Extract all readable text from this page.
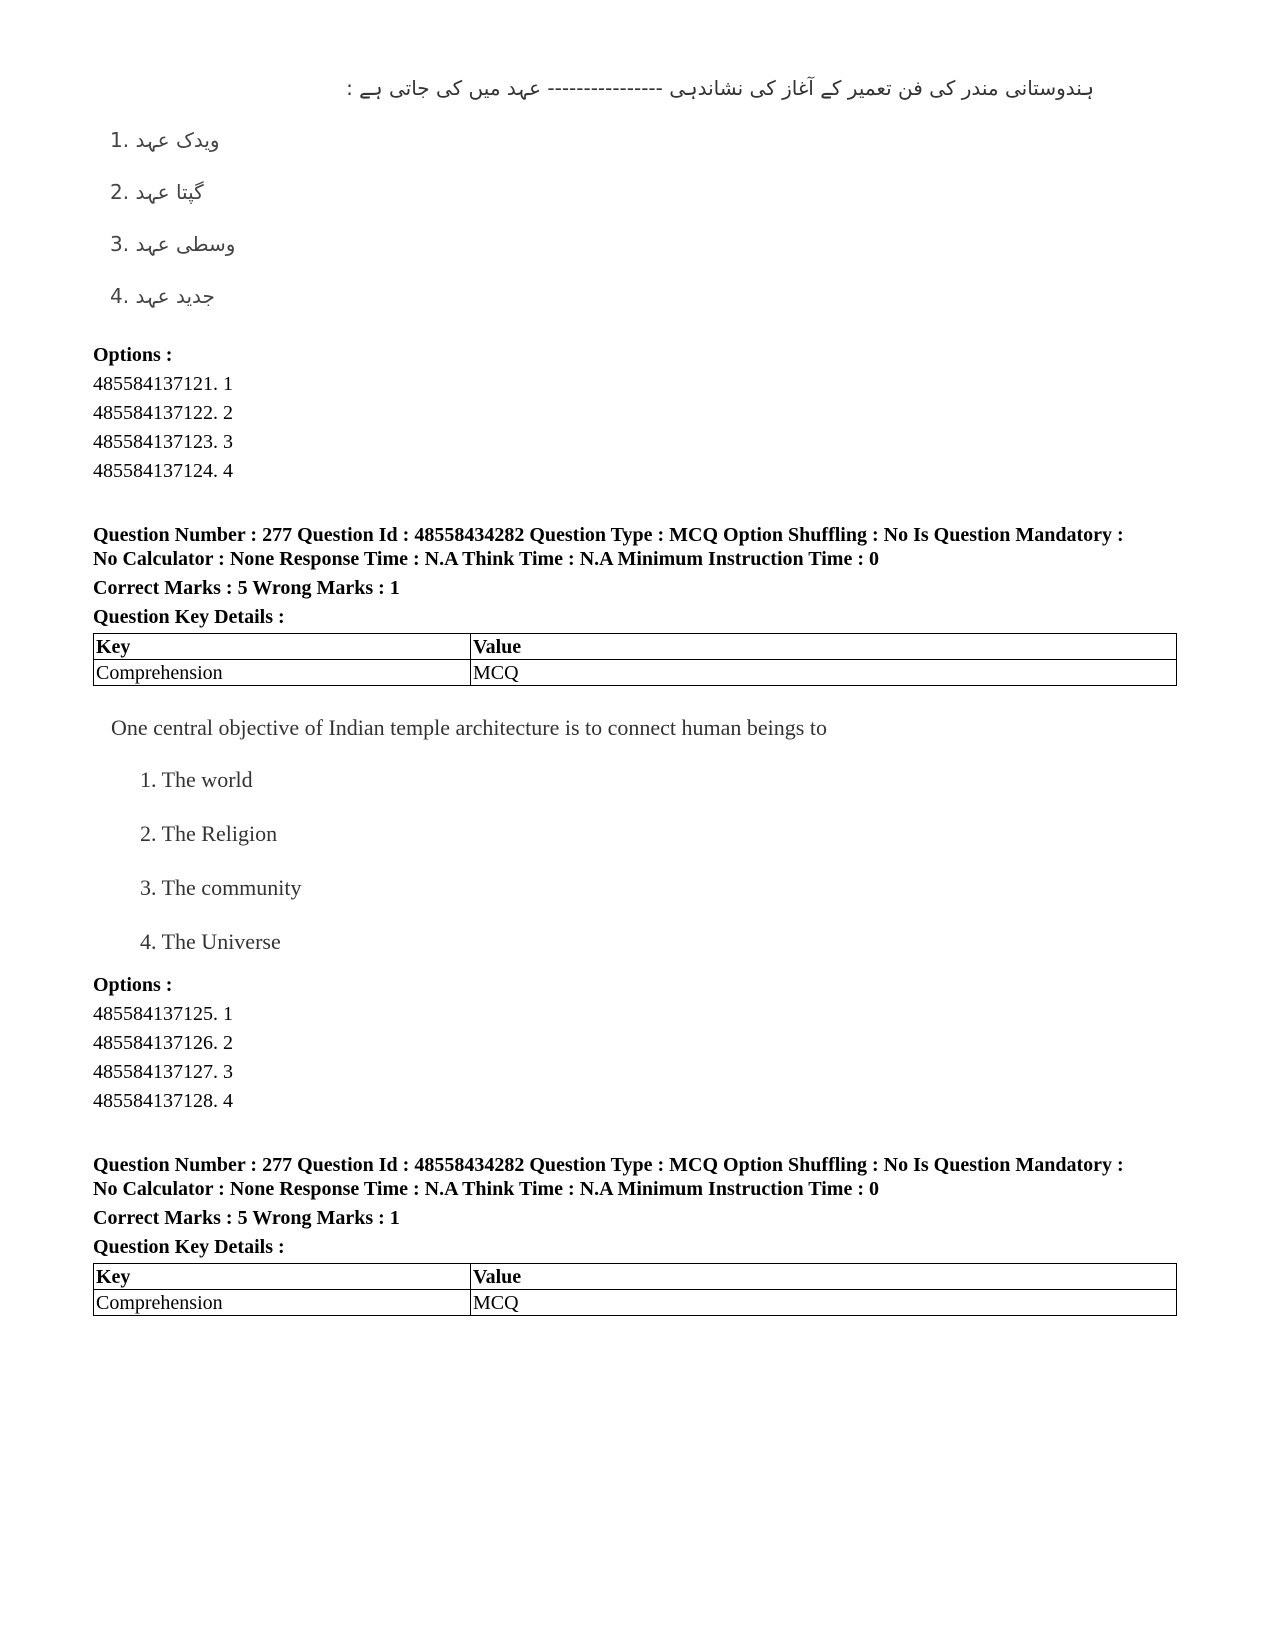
ہندوستانی مندر کی فن تعمیر کے آغاز کی نشاندہی ---------------- عہد میں کی جاتی ہے :
1. ویدک عہد
2. گپتا عہد
3. وسطی عہد
4. جدید عہد
Options :
485584137121. 1
485584137122. 2
485584137123. 3
485584137124. 4
Question Number : 277 Question Id : 48558434282 Question Type : MCQ Option Shuffling : No Is Question Mandatory :
No Calculator : None Response Time : N.A Think Time : N.A Minimum Instruction Time : 0
Correct Marks : 5 Wrong Marks : 1
Question Key Details :
Key	Value
Comprehension	MCQ
One central objective of Indian temple architecture is to connect human beings to
1. The world
2. The Religion
3. The community
4. The Universe
Options :
485584137125. 1
485584137126. 2
485584137127. 3
485584137128. 4
Question Number : 277 Question Id : 48558434282 Question Type : MCQ Option Shuffling : No Is Question Mandatory :
No Calculator : None Response Time : N.A Think Time : N.A Minimum Instruction Time : 0
Correct Marks : 5 Wrong Marks : 1
Question Key Details :
Key	Value
Comprehension	MCQ
